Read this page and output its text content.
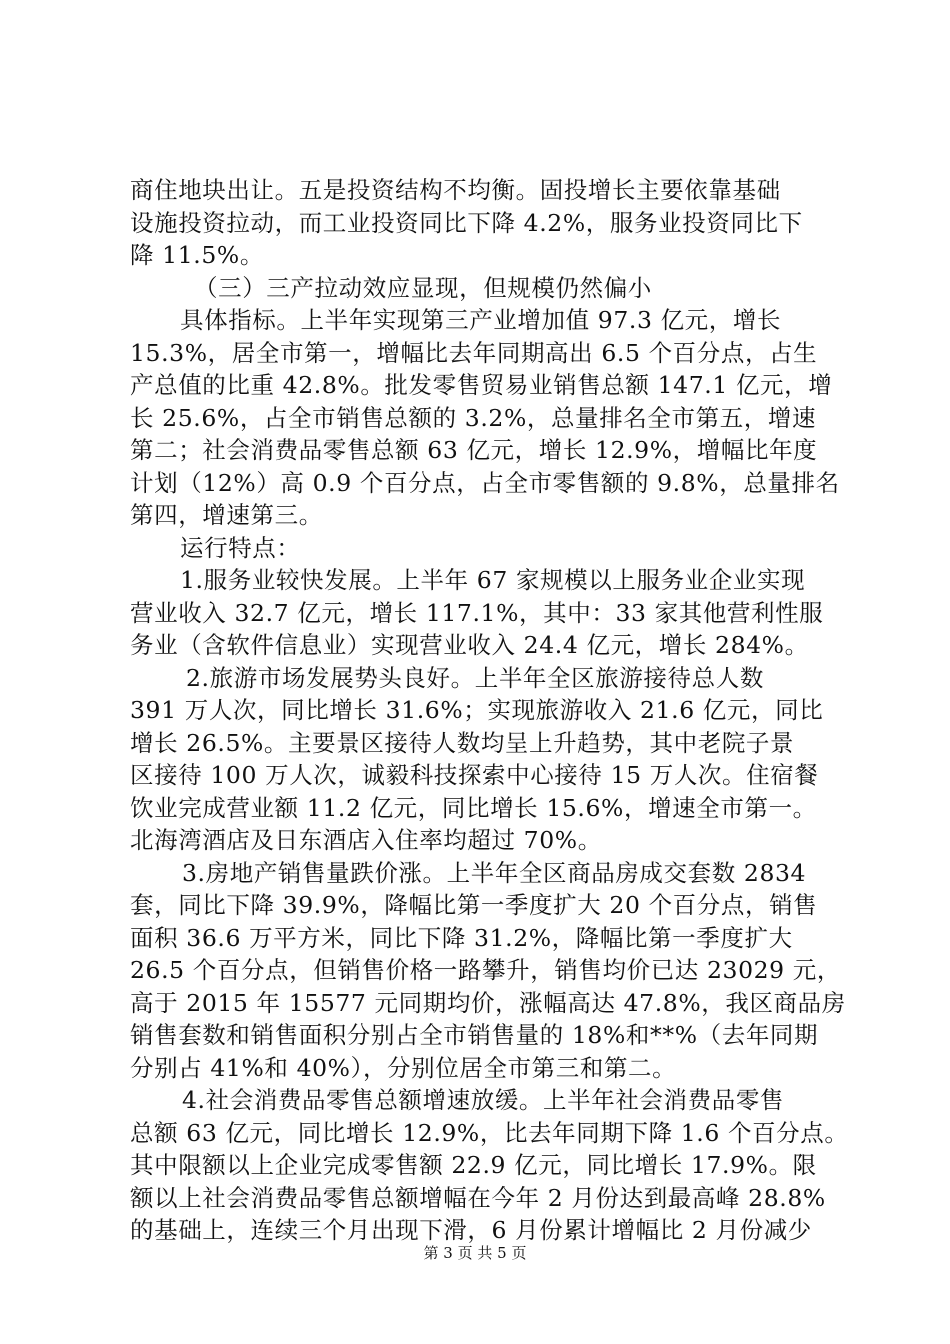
商住地块出让。五是投资结构不均衡。固投增长主要依靠基础
设施投资拉动，而工业投资同比下降 4.2%，服务业投资同比下
降 11.5%。
（三）三产拉动效应显现，但规模仍然偏小
具体指标。上半年实现第三产业增加值 97.3 亿元，增长
15.3%，居全市第一，增幅比去年同期高出 6.5 个百分点，占生
产总值的比重 42.8%。批发零售贸易业销售总额 147.1 亿元，增
长 25.6%，占全市销售总额的 3.2%，总量排名全市第五，增速
第二；社会消费品零售总额 63 亿元，增长 12.9%，增幅比年度
计划（12%）高 0.9 个百分点，占全市零售额的 9.8%，总量排名
第四，增速第三。
运行特点：
1.服务业较快发展。上半年 67 家规模以上服务业企业实现
营业收入 32.7 亿元，增长 117.1%，其中：33 家其他营利性服
务业（含软件信息业）实现营业收入 24.4 亿元，增长 284%。
2.旅游市场发展势头良好。上半年全区旅游接待总人数
391 万人次，同比增长 31.6%；实现旅游收入 21.6 亿元，同比
增长 26.5%。主要景区接待人数均呈上升趋势，其中老院子景
区接待 100 万人次，诚毅科技探索中心接待 15 万人次。住宿餐
饮业完成营业额 11.2 亿元，同比增长 15.6%，增速全市第一。
北海湾酒店及日东酒店入住率均超过 70%。
3.房地产销售量跌价涨。上半年全区商品房成交套数 2834
套，同比下降 39.9%，降幅比第一季度扩大 20 个百分点，销售
面积 36.6 万平方米，同比下降 31.2%，降幅比第一季度扩大
26.5 个百分点，但销售价格一路攀升，销售均价已达 23029 元，
高于 2015 年 15577 元同期均价，涨幅高达 47.8%，我区商品房
销售套数和销售面积分别占全市销售量的 18%和**%（去年同期
分别占 41%和 40%），分别位居全市第三和第二。
4.社会消费品零售总额增速放缓。上半年社会消费品零售
总额 63 亿元，同比增长 12.9%，比去年同期下降 1.6 个百分点。
其中限额以上企业完成零售额 22.9 亿元，同比增长 17.9%。限
额以上社会消费品零售总额增幅在今年 2 月份达到最高峰 28.8%
的基础上，连续三个月出现下滑，6 月份累计增幅比 2 月份减少
第 3 页 共 5 页
